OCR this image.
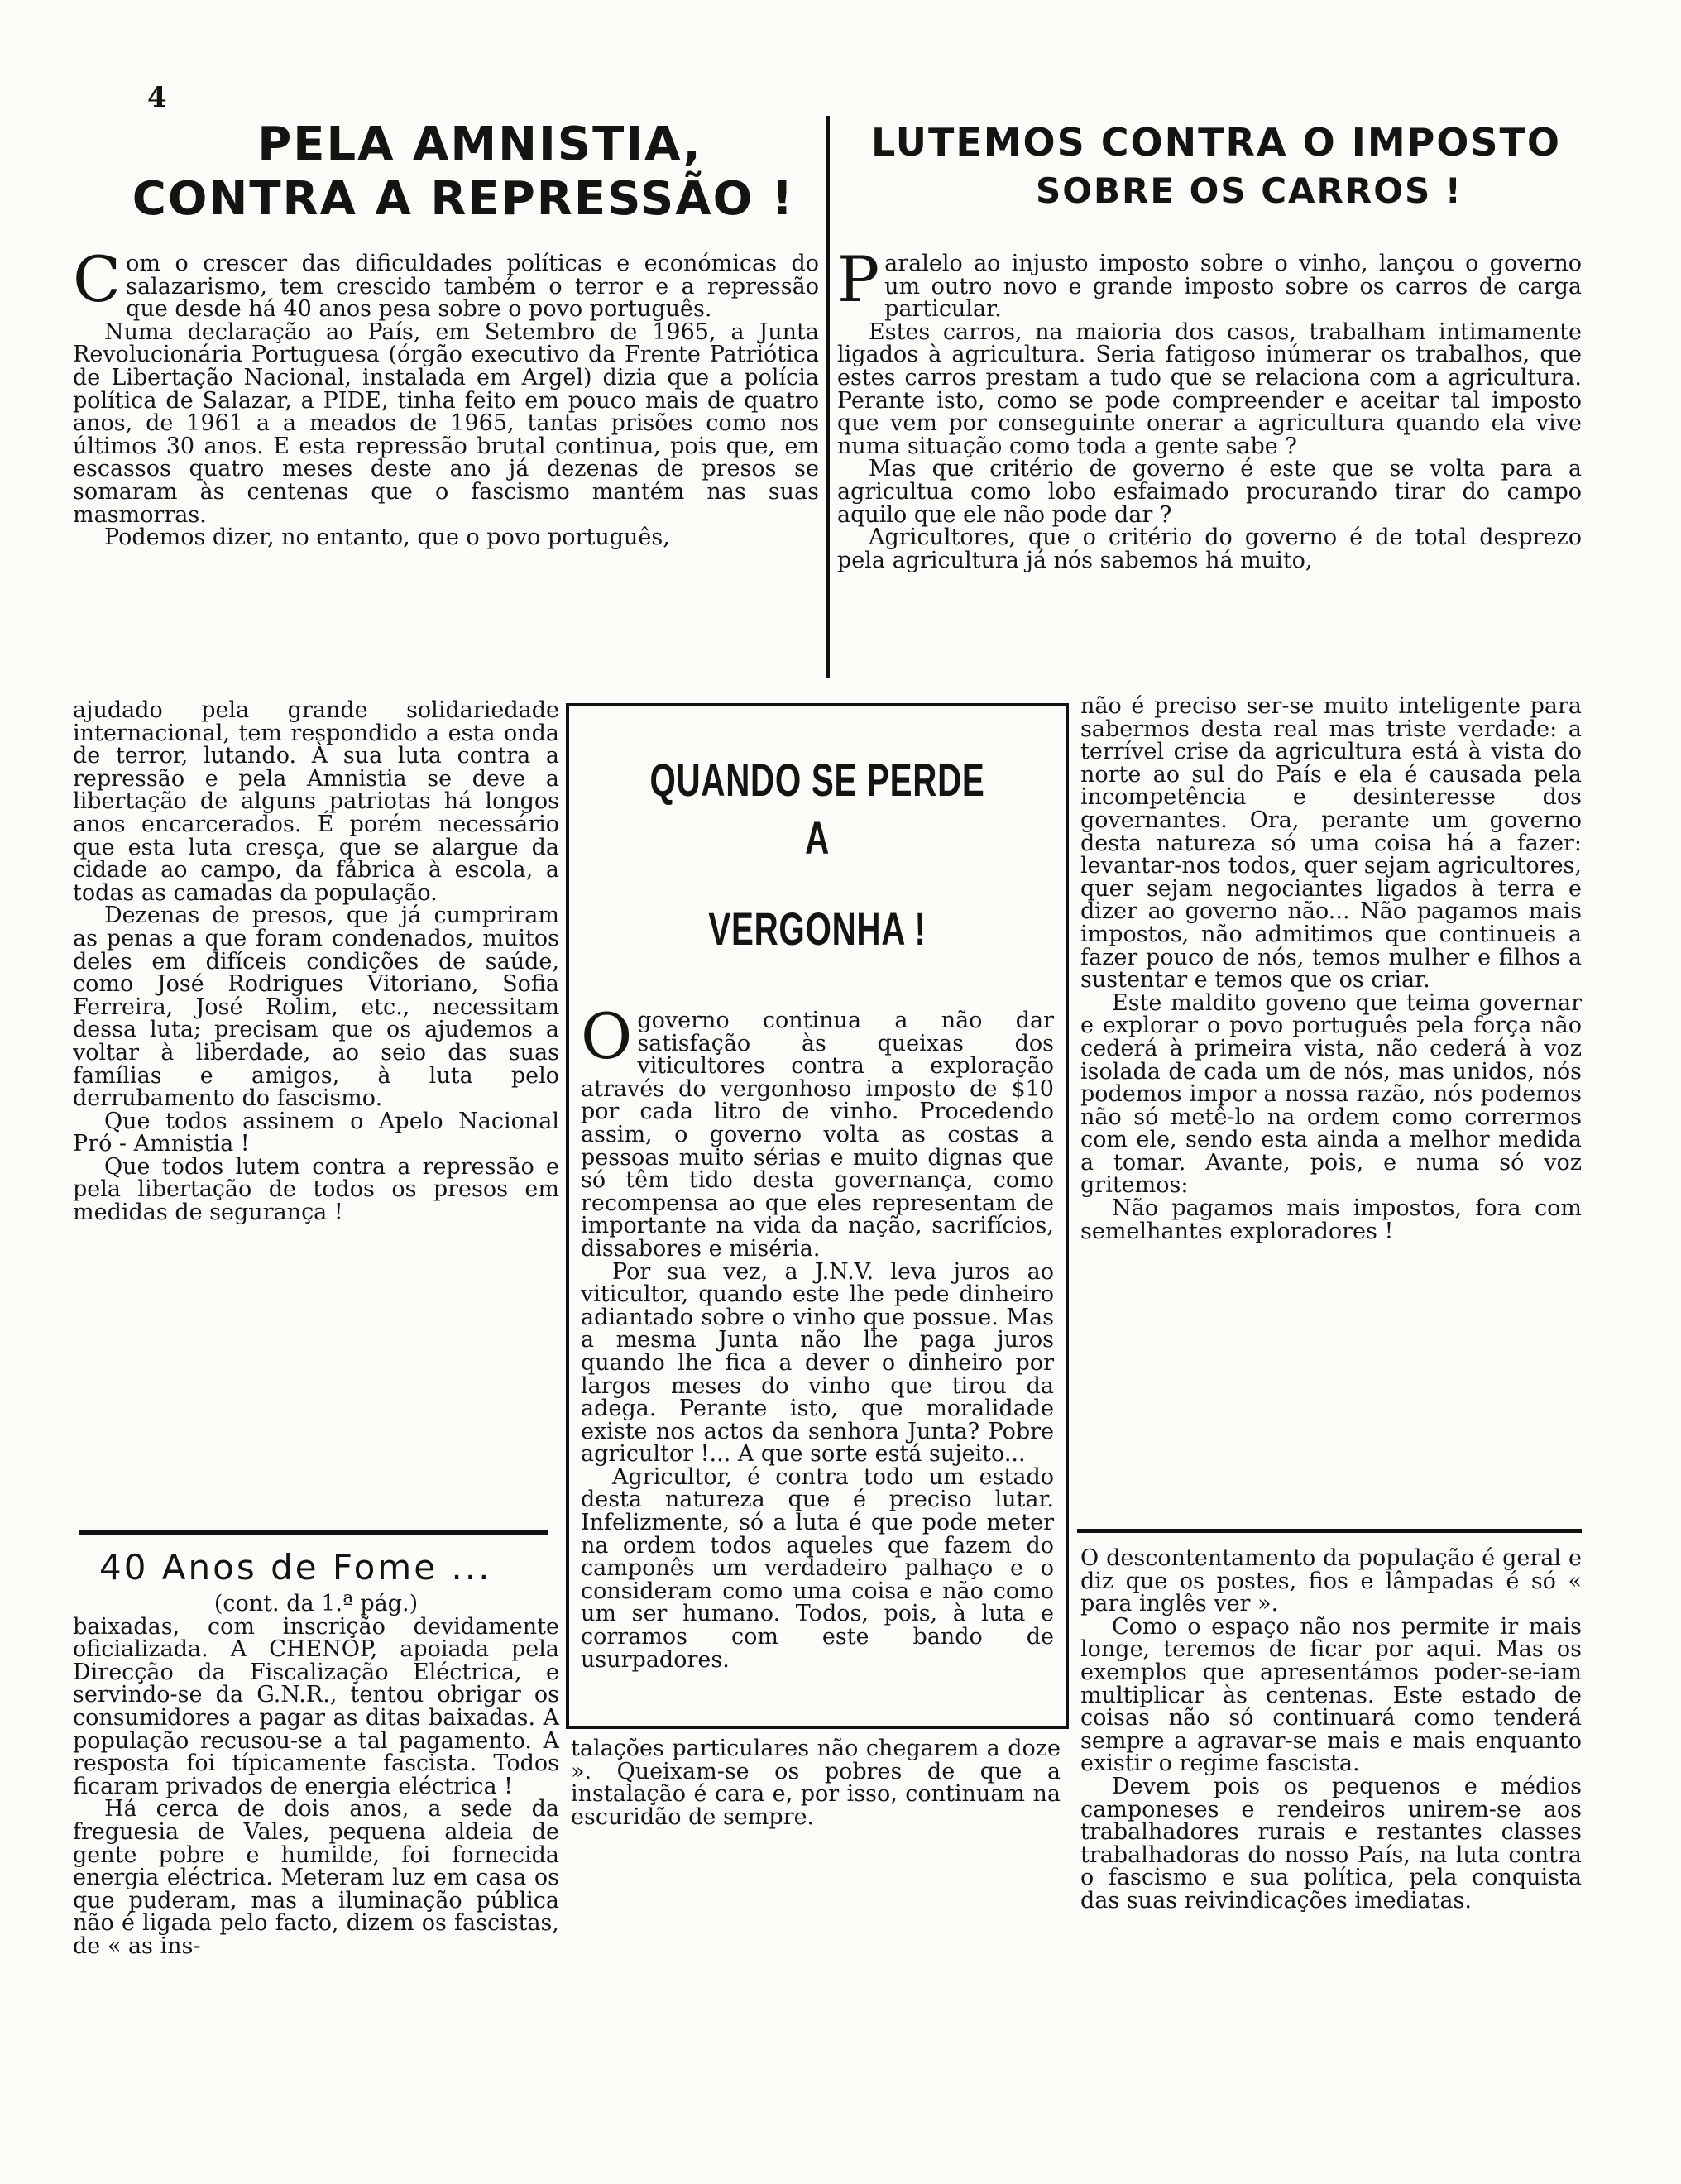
4
PELA AMNISTIA,
CONTRA A REPRESSÃO !
LUTEMOS CONTRA O IMPOSTO
SOBRE OS CARROS !

Com o crescer das dificuldades políticas e económicas do salazarismo, tem crescido também o terror e a repressão que desde há 40 anos pesa sobre o povo português.

Numa declaração ao País, em Setembro de 1965, a Junta Revolucionária Portuguesa (órgão executivo da Frente Patriótica de Libertação Nacional, instalada em Argel) dizia que a polícia política de Salazar, a PIDE, tinha feito em pouco mais de quatro anos, de 1961 a a meados de 1965, tantas prisões como nos últimos 30 anos. E esta repressão brutal continua, pois que, em escassos quatro meses deste ano já dezenas de presos se somaram às centenas que o fascismo mantém nas suas masmorras.

Podemos dizer, no entanto, que o povo português,

ajudado pela grande solidariedade internacional, tem respondido a esta onda de terror, lutando. À sua luta contra a repressão e pela Amnistia se deve a libertação de alguns patriotas há longos anos encarcerados. É porém necessário que esta luta cresça, que se alargue da cidade ao campo, da fábrica à escola, a todas as camadas da população.

Dezenas de presos, que já cumpriram as penas a que foram condenados, muitos deles em difíceis condições de saúde, como José Rodrigues Vitoriano, Sofia Ferreira, José Rolim, etc., necessitam dessa luta; precisam que os ajudemos a voltar à liberdade, ao seio das suas famílias e amigos, à luta pelo derrubamento do fascismo.

Que todos assinem o Apelo Nacional Pró - Amnistia !

Que todos lutem contra a repressão e pela libertação de todos os presos em medidas de segurança !

40 Anos de Fome ...
(cont. da 1.ª pág.)

baixadas, com inscrição devidamente oficializada. A CHENOP, apoiada pela Direcção da Fiscalização Eléctrica, e servindo-se da G.N.R., tentou obrigar os consumidores a pagar as ditas baixadas. A população recusou-se a tal pagamento. A resposta foi típicamente fascista. Todos ficaram privados de energia eléctrica !

Há cerca de dois anos, a sede da freguesia de Vales, pequena aldeia de gente pobre e humilde, foi fornecida energia eléctrica. Meteram luz em casa os que puderam, mas a iluminação pública não é ligada pelo facto, dizem os fascistas, de « as ins-

Paralelo ao injusto imposto sobre o vinho, lançou o governo um outro novo e grande imposto sobre os carros de carga particular.

Estes carros, na maioria dos casos, trabalham intimamente ligados à agricultura. Seria fatigoso inúmerar os trabalhos, que estes carros prestam a tudo que se relaciona com a agricultura. Perante isto, como se pode compreender e aceitar tal imposto que vem por conseguinte onerar a agricultura quando ela vive numa situação como toda a gente sabe ?

Mas que critério de governo é este que se volta para a agricultua como lobo esfaimado procurando tirar do campo aquilo que ele não pode dar ?

Agricultores, que o critério do governo é de total desprezo pela agricultura já nós sabemos há muito,

não é preciso ser-se muito inteligente para sabermos desta real mas triste verdade: a terrível crise da agricultura está à vista do norte ao sul do País e ela é causada pela incompetência e desinteresse dos governantes. Ora, perante um governo desta natureza só uma coisa há a fazer: levantar-nos todos, quer sejam agricultores, quer sejam negociantes ligados à terra e dizer ao governo não... Não pagamos mais impostos, não admitimos que continueis a fazer pouco de nós, temos mulher e filhos a sustentar e temos que os criar.

Este maldito goveno que teima governar e explorar o povo português pela força não cederá à primeira vista, não cederá à voz isolada de cada um de nós, mas unidos, nós podemos impor a nossa razão, nós podemos não só metê-lo na ordem como corrermos com ele, sendo esta ainda a melhor medida a tomar. Avante, pois, e numa só voz gritemos:

Não pagamos mais impostos, fora com semelhantes exploradores !

O descontentamento da população é geral e diz que os postes, fios e lâmpadas é só « para inglês ver ».

Como o espaço não nos permite ir mais longe, teremos de ficar por aqui. Mas os exemplos que apresentámos poder-se-iam multiplicar às centenas. Este estado de coisas não só continuará como tenderá sempre a agravar-se mais e mais enquanto existir o regime fascista.

Devem pois os pequenos e médios camponeses e rendeiros unirem-se aos trabalhadores rurais e restantes classes trabalhadoras do nosso País, na luta contra o fascismo e sua política, pela conquista das suas reivindicações imediatas.

QUANDO SE PERDE A
VERGONHA !

Ogoverno continua a não dar satisfação às queixas dos viticultores contra a exploração através do vergonhoso imposto de $10 por cada litro de vinho. Procedendo assim, o governo volta as costas a pessoas muito sérias e muito dignas que só têm tido desta governança, como recompensa ao que eles representam de importante na vida da nação, sacrifícios, dissabores e miséria.

Por sua vez, a J.N.V. leva juros ao viticultor, quando este lhe pede dinheiro adiantado sobre o vinho que possue. Mas a mesma Junta não lhe paga juros quando lhe fica a dever o dinheiro por largos meses do vinho que tirou da adega. Perante isto, que moralidade existe nos actos da senhora Junta? Pobre agricultor !... A que sorte está sujeito...

Agricultor, é contra todo um estado desta natureza que é preciso lutar. Infelizmente, só a luta é que pode meter na ordem todos aqueles que fazem do camponês um verdadeiro palhaço e o consideram como uma coisa e não como um ser humano. Todos, pois, à luta e corramos com este bando de usurpadores.

talações particulares não chegarem a doze ». Queixam-se os pobres de que a instalação é cara e, por isso, continuam na escuridão de sempre.
